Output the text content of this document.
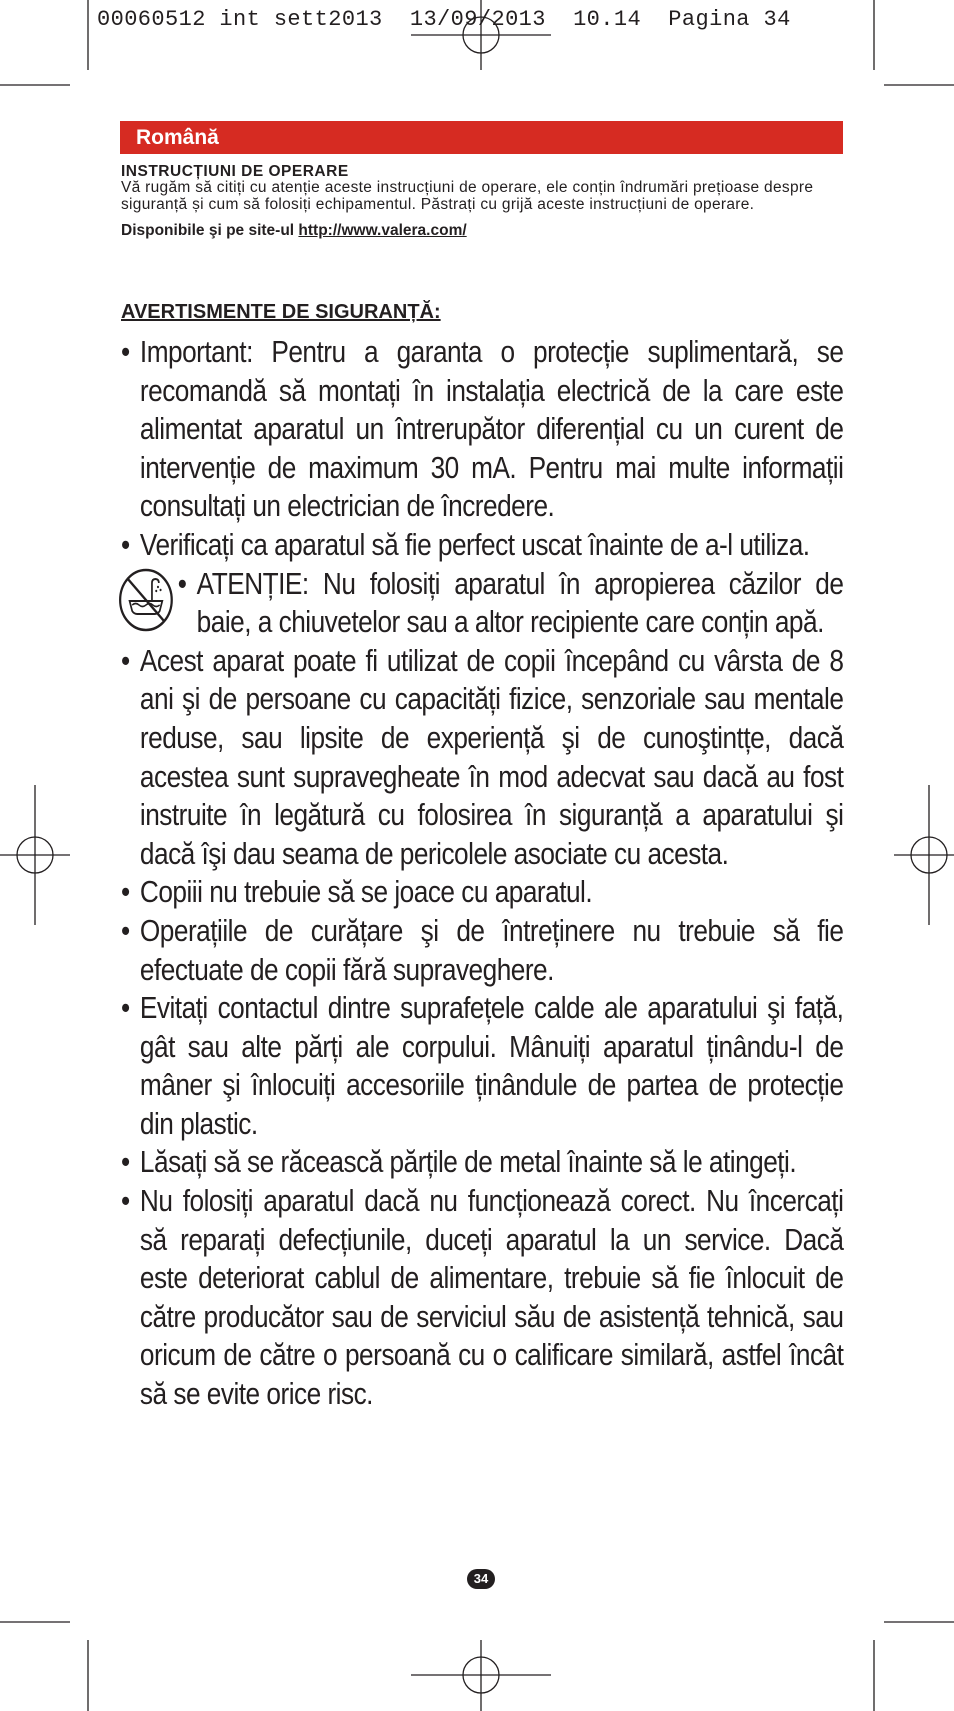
00060512 int sett2013  13/09/2013  10.14  Pagina 34
Română
INSTRUCȚIUNI DE OPERARE
Vă rugăm să citiți cu atenție aceste instrucțiuni de operare, ele conțin îndrumări prețioase despre siguranță și cum să folosiți echipamentul. Păstrați cu grijă aceste instrucțiuni de operare.
Disponibile şi pe site-ul http://www.valera.com/
AVERTISMENTE DE SIGURANȚĂ:
• Important: Pentru a garanta o protecție suplimentară, se recomandă să montați în instalația electrică de la care este alimentat aparatul un întrerupător diferențial cu un curent de intervenție de maximum 30 mA. Pentru mai multe informații consultați un electrician de încredere.
• Verificați ca aparatul să fie perfect uscat înainte de a-l utiliza.
• ATENȚIE: Nu folosiți aparatul în apropierea căzilor de baie, a chiuvetelor sau a altor recipiente care conțin apă.
• Acest aparat poate fi utilizat de copii începând cu vârsta de 8 ani şi de persoane cu capacități fizice, senzoriale sau mentale reduse, sau lipsite de experiență şi de cunoştintțe, dacă acestea sunt supravegheate în mod adecvat sau dacă au fost instruite în legătură cu folosirea în siguranță a aparatului şi dacă îşi dau seama de pericolele asociate cu acesta.
• Copiii nu trebuie să se joace cu aparatul.
• Operațiile de curățare şi de întreținere nu trebuie să fie efectuate de copii fără supraveghere.
• Evitați contactul dintre suprafețele calde ale aparatului şi față, gât sau alte părți ale corpului. Mânuiți aparatul ținându-l de mâner şi înlocuiți accesoriile ținândule de partea de protecție din plastic.
• Lăsați să se răcească părțile de metal înainte să le atingeți.
• Nu folosiți aparatul dacă nu funcționează corect. Nu încercați să reparați defecțiunile, duceți aparatul la un service. Dacă este deteriorat cablul de alimentare, trebuie să fie înlocuit de către producător sau de serviciul său de asistență tehnică, sau oricum de către o persoană cu o calificare similară, astfel încât să se evite orice risc.
34
